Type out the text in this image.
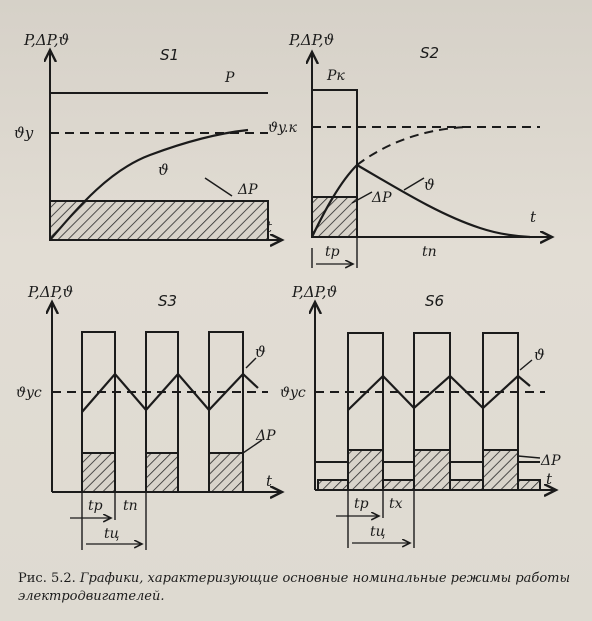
P,ΔP,ϑ
S1
P
ϑy
ϑ
ΔP
t
P,ΔP,ϑ
S2
Pк
ϑy.к
ϑ
ΔP
t
tp	tп
P,ΔP,ϑ	S3
ϑyc
ϑ
ΔP
t
tp tп
tц
P,ΔP,ϑ	S6
ϑyc
ϑ
ΔP
t
tp tx
tц
Рис. 5.2. Графики, характеризующие основные номинальные режимы работы электродвигателей.
